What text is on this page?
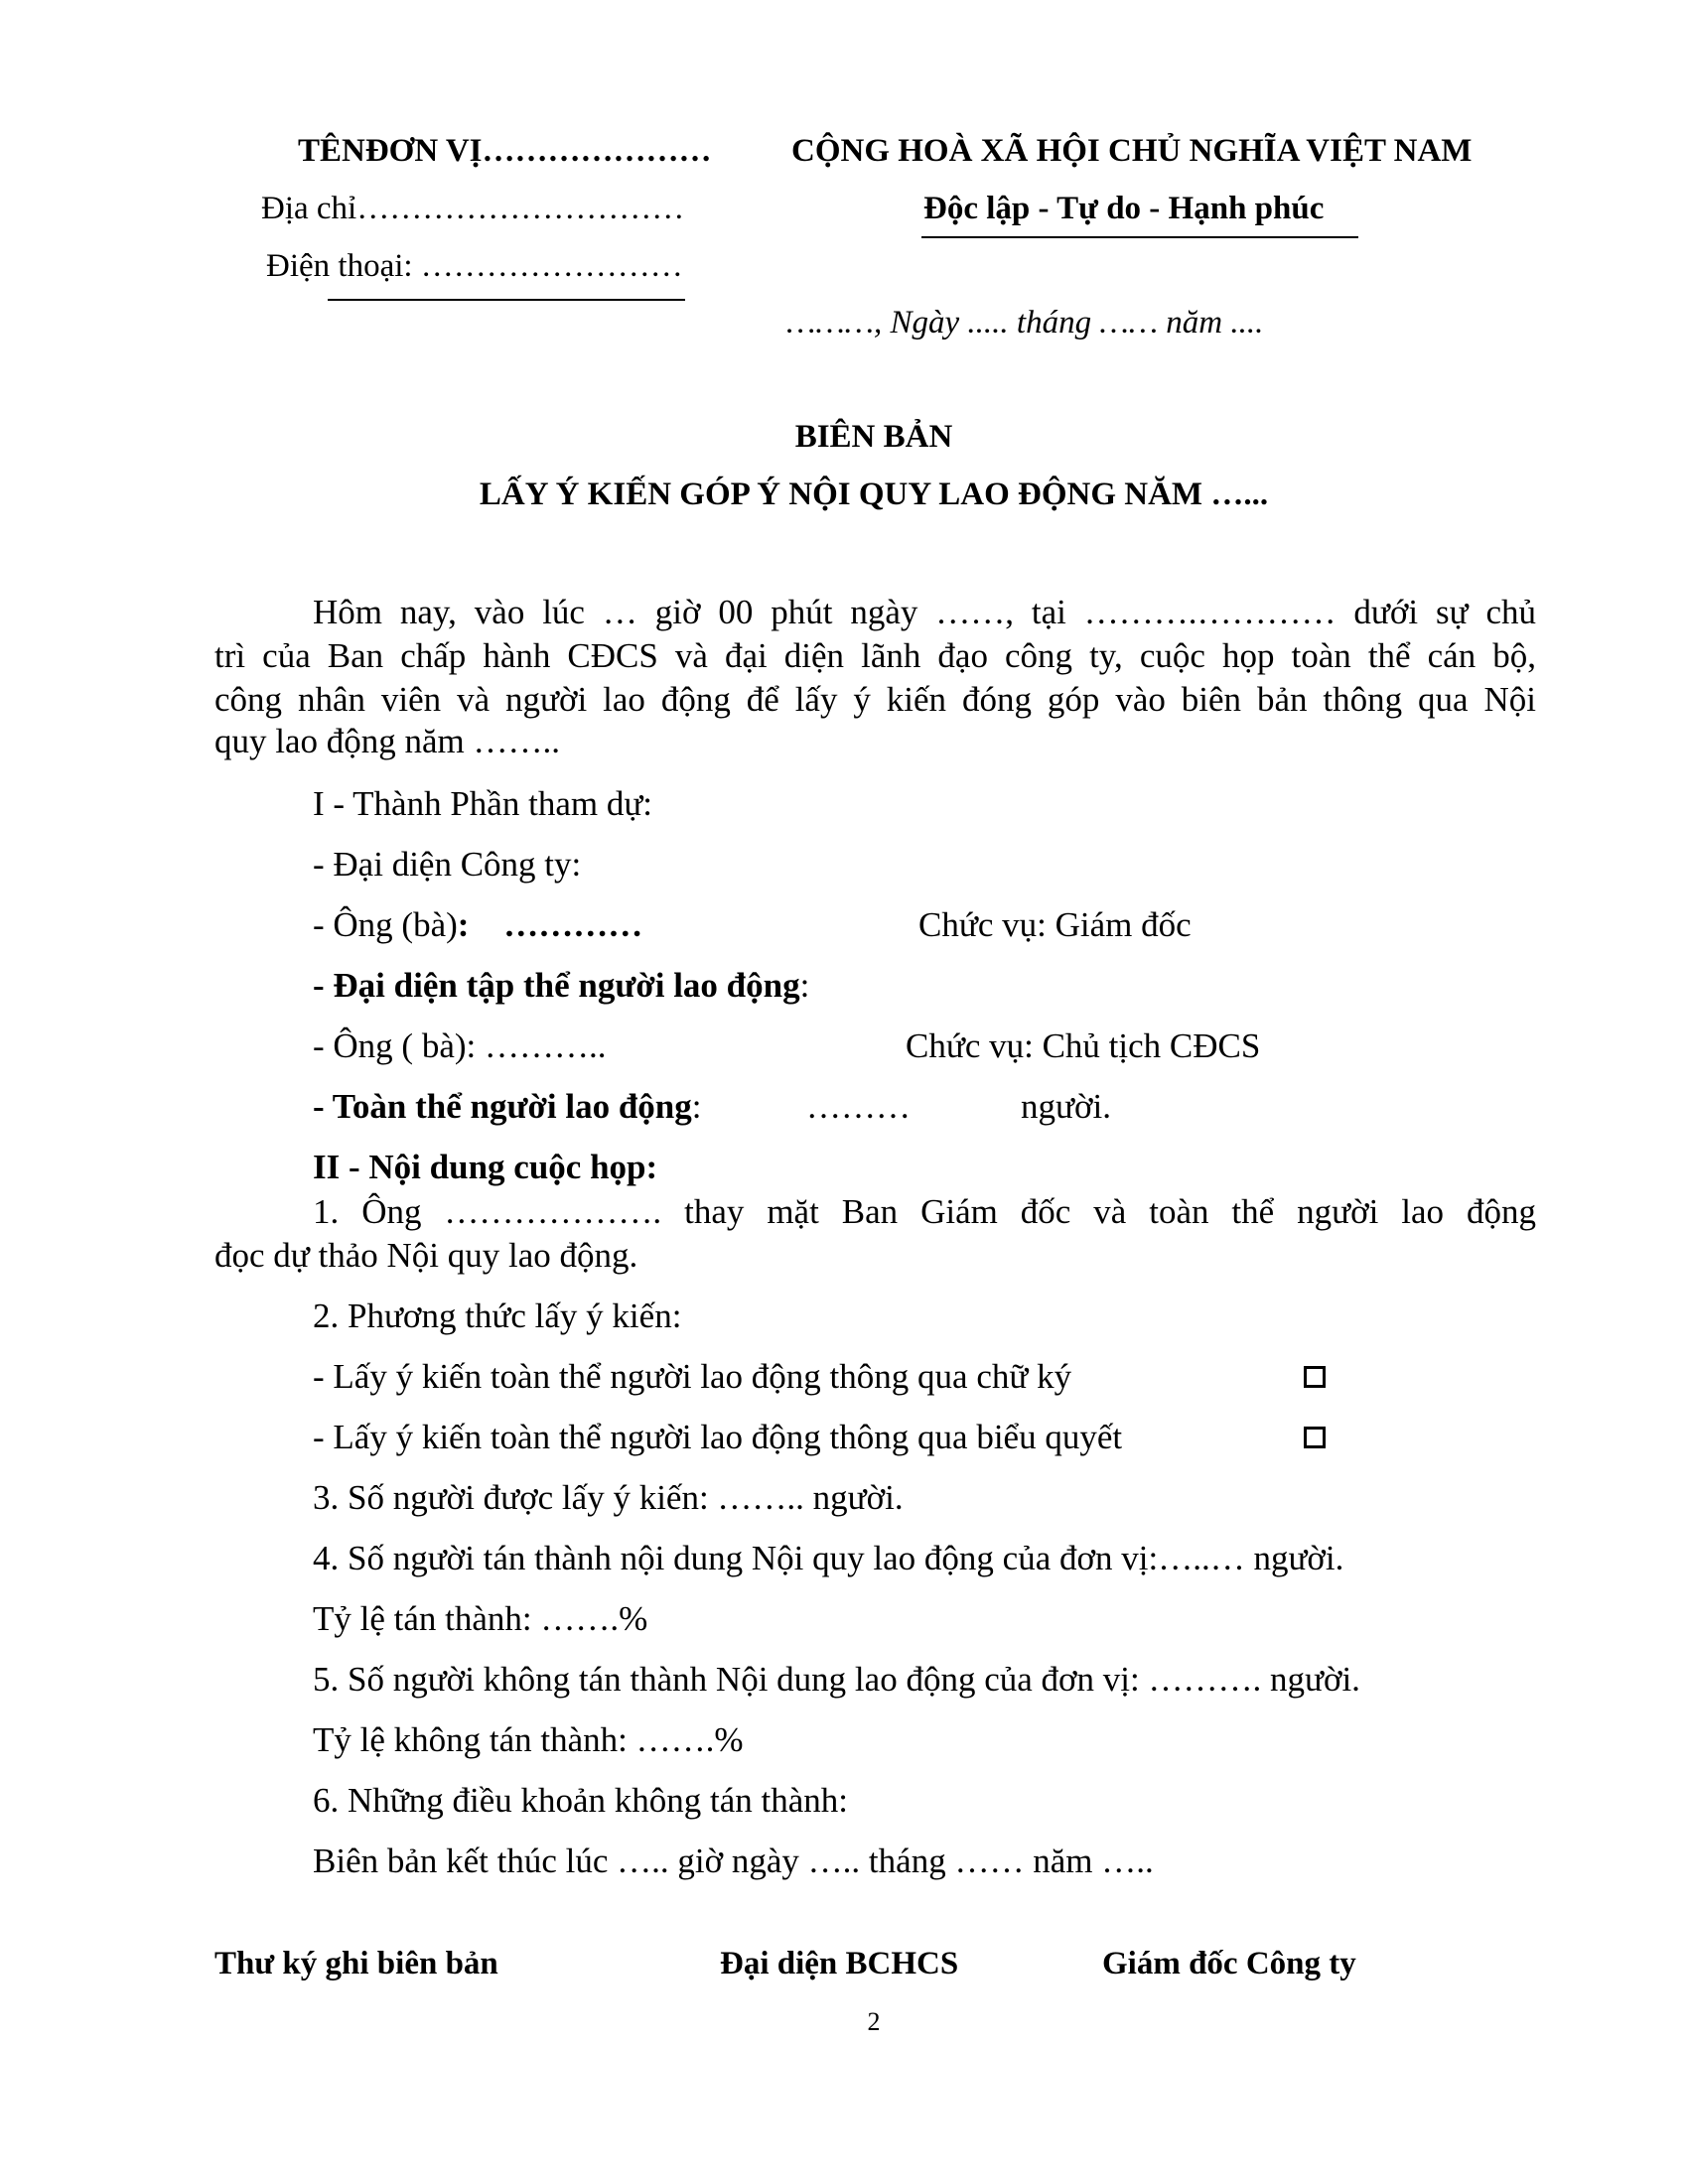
TÊNĐƠN VỊ…………………
Địa chỉ…………………………
Điện thoại: ……………………
CỘNG HOÀ XÃ HỘI CHỦ NGHĨA VIỆT NAM
Độc lập - Tự do - Hạnh phúc
………, Ngày ..... tháng …… năm ....
BIÊN BẢN
LẤY Ý KIẾN GÓP Ý NỘI QUY LAO ĐỘNG NĂM …...
Hôm nay, vào lúc … giờ 00 phút ngày ……, tại ……….………… dưới sự chủ
trì của Ban chấp hành CĐCS và đại diện lãnh đạo công ty, cuộc họp toàn thể cán bộ,
công nhân viên và người lao động để lấy ý kiến đóng góp vào biên bản thông qua Nội
quy lao động năm ……..
I - Thành Phần tham dự:
- Đại diện Công ty:
- Ông (bà): …………	Chức vụ: Giám đốc
- Đại diện tập thể người lao động:
- Ông ( bà): ………..	Chức vụ: Chủ tịch CĐCS
- Toàn thể người lao động:	………	người.
II - Nội dung cuộc họp:
1. Ông ………………. thay mặt Ban Giám đốc và toàn thể người lao động
đọc dự thảo Nội quy lao động.
2. Phương thức lấy ý kiến:
- Lấy ý kiến toàn thể người lao động thông qua chữ ký
- Lấy ý kiến toàn thể người lao động thông qua biểu quyết
3. Số người được lấy ý kiến: …….. người.
4. Số người tán thành nội dung Nội quy lao động của đơn vị:…..… người.
Tỷ lệ tán thành: …….%
5. Số người không tán thành Nội dung lao động của đơn vị: ………. người.
Tỷ lệ không tán thành: …….%
6. Những điều khoản không tán thành:
Biên bản kết thúc lúc ….. giờ ngày ….. tháng …… năm …..
Thư ký ghi biên bản	Đại diện BCHCS	Giám đốc Công ty
2
